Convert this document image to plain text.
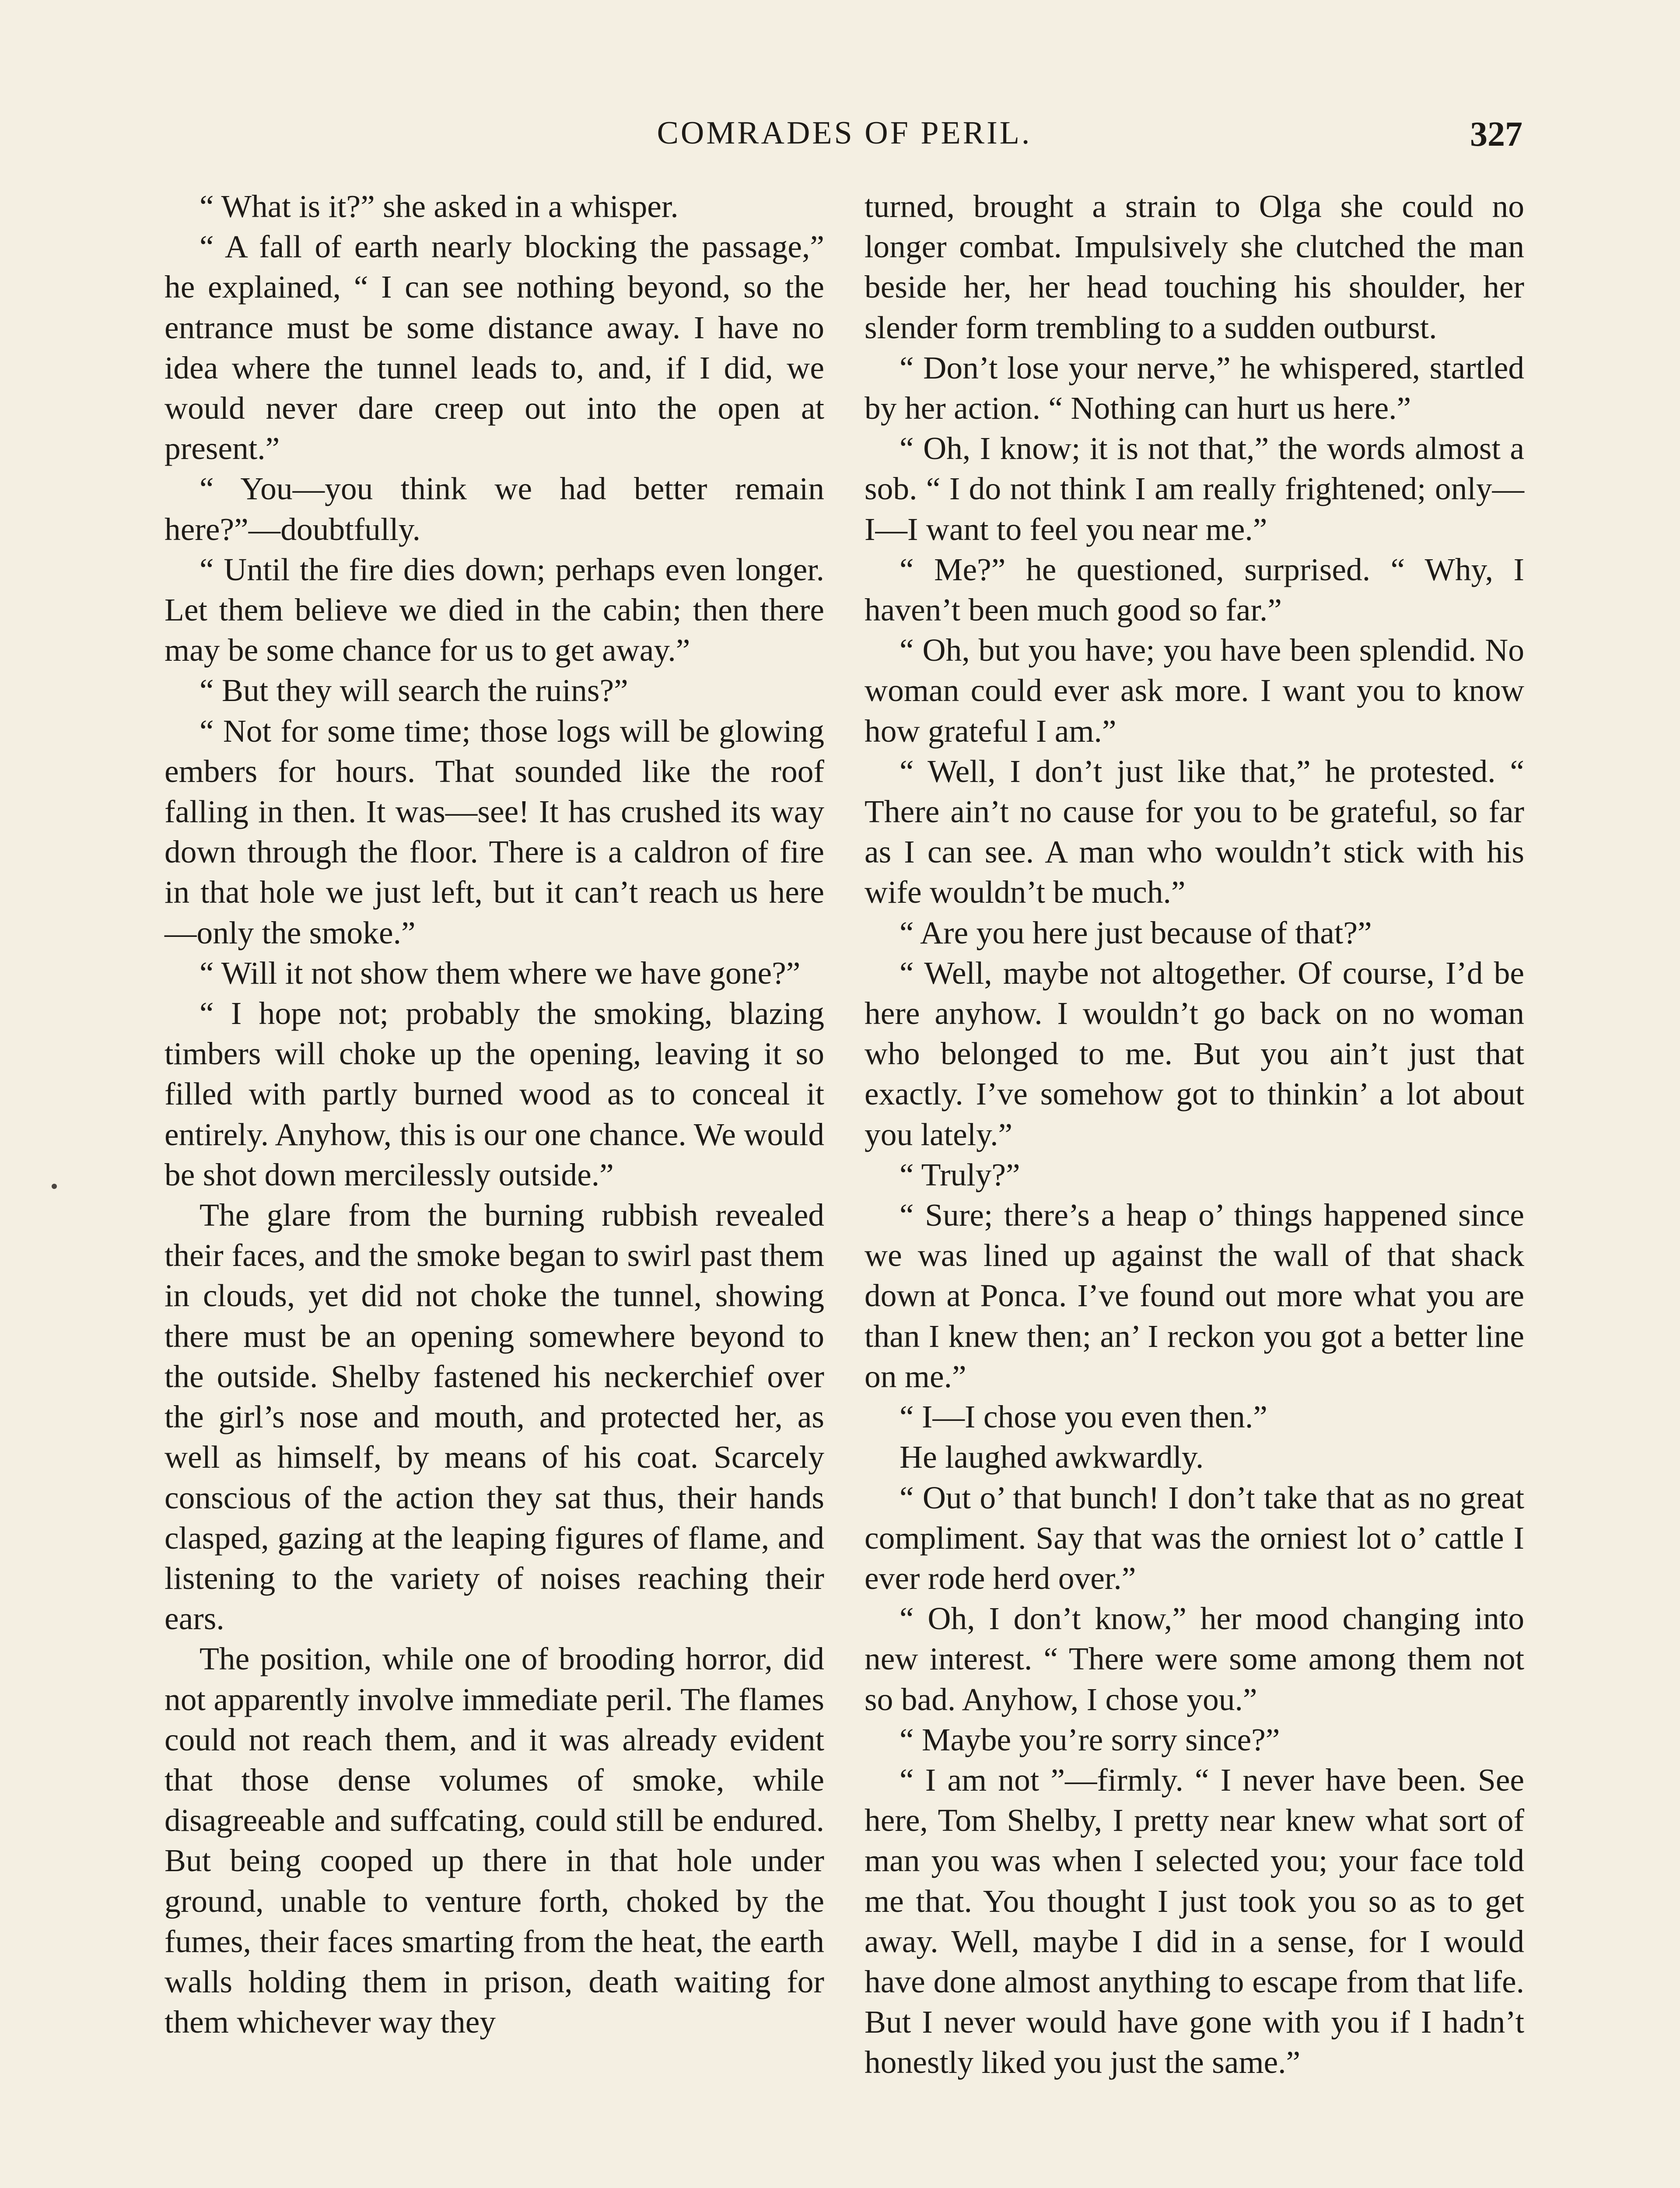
COMRADES OF PERIL.	327

“ What is it?” she asked in a whisper.

“ A fall of earth nearly blocking the passage,” he explained, “ I can see nothing beyond, so the entrance must be some distance away. I have no idea where the tunnel leads to, and, if I did, we would never dare creep out into the open at present.”

“ You—you think we had better remain here?”—doubtfully.

“ Until the fire dies down; perhaps even longer. Let them believe we died in the cabin; then there may be some chance for us to get away.”

“ But they will search the ruins?”

“ Not for some time; those logs will be glowing embers for hours. That sounded like the roof falling in then. It was—see! It has crushed its way down through the floor. There is a caldron of fire in that hole we just left, but it can’t reach us here —only the smoke.”

“ Will it not show them where we have gone?”

“ I hope not; probably the smoking, blazing timbers will choke up the opening, leaving it so filled with partly burned wood as to conceal it entirely. Anyhow, this is our one chance. We would be shot down mercilessly outside.”

The glare from the burning rubbish revealed their faces, and the smoke began to swirl past them in clouds, yet did not choke the tunnel, showing there must be an opening somewhere beyond to the outside. Shelby fastened his neckerchief over the girl’s nose and mouth, and protected her, as well as himself, by means of his coat. Scarcely conscious of the action they sat thus, their hands clasped, gazing at the leaping figures of flame, and listening to the variety of noises reaching their ears.

The position, while one of brooding horror, did not apparently involve immediate peril. The flames could not reach them, and it was already evident that those dense volumes of smoke, while disagreeable and suffcating, could still be endured. But being cooped up there in that hole under ground, unable to venture forth, choked by the fumes, their faces smarting from the heat, the earth walls holding them in prison, death waiting for them whichever way they

turned, brought a strain to Olga she could no longer combat. Impulsively she clutched the man beside her, her head touching his shoulder, her slender form trembling to a sudden outburst.

“ Don’t lose your nerve,” he whispered, startled by her action. “ Nothing can hurt us here.”

“ Oh, I know; it is not that,” the words almost a sob. “ I do not think I am really frightened; only—I—I want to feel you near me.”

“ Me?” he questioned, surprised. “ Why, I haven’t been much good so far.”

“ Oh, but you have; you have been splendid. No woman could ever ask more. I want you to know how grateful I am.”

“ Well, I don’t just like that,” he protested. “ There ain’t no cause for you to be grateful, so far as I can see. A man who wouldn’t stick with his wife wouldn’t be much.”

“ Are you here just because of that?”

“ Well, maybe not altogether. Of course, I’d be here anyhow. I wouldn’t go back on no woman who belonged to me. But you ain’t just that exactly. I’ve somehow got to thinkin’ a lot about you lately.”

“ Truly?”

“ Sure; there’s a heap o’ things happened since we was lined up against the wall of that shack down at Ponca. I’ve found out more what you are than I knew then; an’ I reckon you got a better line on me.”

“ I—I chose you even then.”

He laughed awkwardly.

“ Out o’ that bunch! I don’t take that as no great compliment. Say that was the orniest lot o’ cattle I ever rode herd over.”

“ Oh, I don’t know,” her mood changing into new interest. “ There were some among them not so bad. Anyhow, I chose you.”

“ Maybe you’re sorry since?”

“ I am not ”—firmly. “ I never have been. See here, Tom Shelby, I pretty near knew what sort of man you was when I selected you; your face told me that. You thought I just took you so as to get away. Well, maybe I did in a sense, for I would have done almost anything to escape from that life. But I never would have gone with you if I hadn’t honestly liked you just the same.”
